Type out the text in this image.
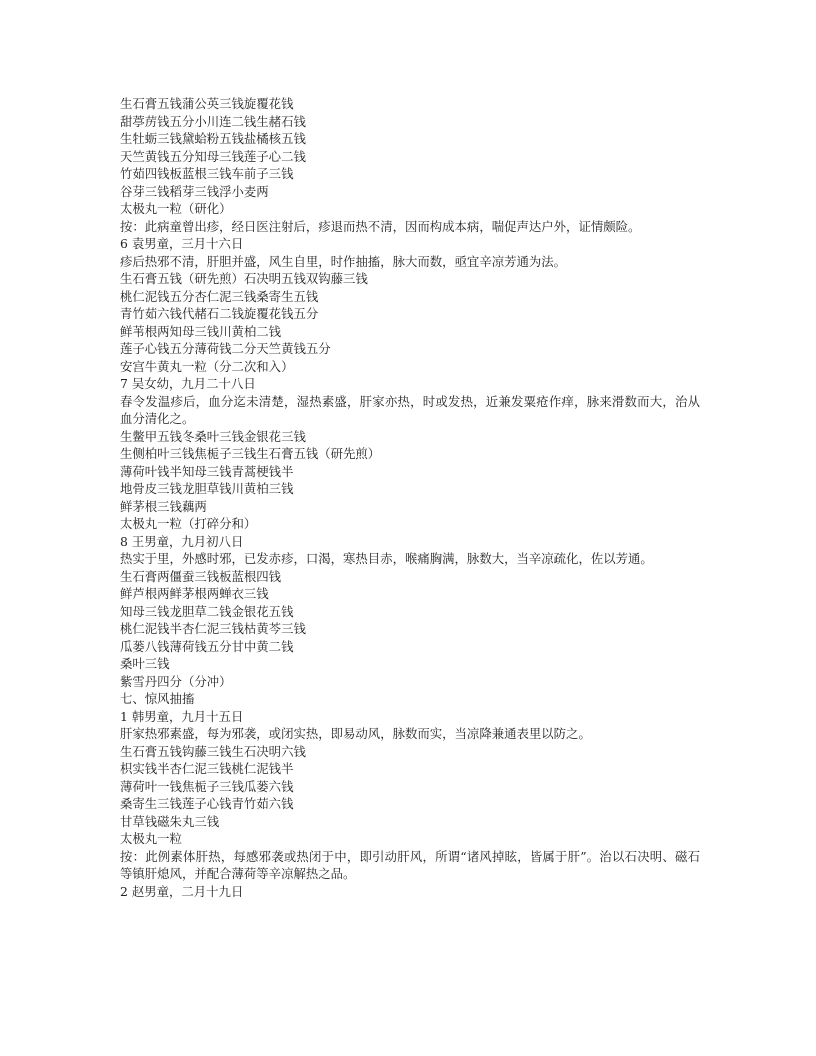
生石膏五钱蒲公英三钱旋覆花钱
甜葶苈钱五分小川连二钱生赭石钱
生牡蛎三钱黛蛤粉五钱盐橘核五钱
天竺黄钱五分知母三钱莲子心二钱
竹茹四钱板蓝根三钱车前子三钱
谷芽三钱稻芽三钱浮小麦两
太极丸一粒（研化）
按：此病童曾出疹，经日医注射后，疹退而热不清，因而构成本病，喘促声达户外，证情颇险。
6 袁男童，三月十六日
疹后热邪不清，肝胆并盛，风生自里，时作抽搐，脉大而数，亟宜辛凉芳通为法。
生石膏五钱（研先煎）石决明五钱双钩藤三钱
桃仁泥钱五分杏仁泥三钱桑寄生五钱
青竹茹六钱代赭石二钱旋覆花钱五分
鲜苇根两知母三钱川黄柏二钱
莲子心钱五分薄荷钱二分天竺黄钱五分
安宫牛黄丸一粒（分二次和入）
7 吴女幼，九月二十八日
春令发温疹后，血分迄未清楚，湿热素盛，肝家亦热，时或发热，近兼发粟疮作痒，脉来滑数而大，治从血分清化之。
生鳖甲五钱冬桑叶三钱金银花三钱
生侧柏叶三钱焦栀子三钱生石膏五钱（研先煎）
薄荷叶钱半知母三钱青蒿梗钱半
地骨皮三钱龙胆草钱川黄柏三钱
鲜茅根三钱藕两
太极丸一粒（打碎分和）
8 王男童，九月初八日
热实于里，外感时邪，已发赤疹，口渴，寒热目赤，喉痛胸满，脉数大，当辛凉疏化，佐以芳通。
生石膏两僵蚕三钱板蓝根四钱
鲜芦根两鲜茅根两蝉衣三钱
知母三钱龙胆草二钱金银花五钱
桃仁泥钱半杏仁泥三钱枯黄芩三钱
瓜蒌八钱薄荷钱五分甘中黄二钱
桑叶三钱
紫雪丹四分（分冲）
七、惊风抽搐
1 韩男童，九月十五日
肝家热邪素盛，每为邪袭，或闭实热，即易动风，脉数而实，当凉降兼通表里以防之。
生石膏五钱钩藤三钱生石决明六钱
枳实钱半杏仁泥三钱桃仁泥钱半
薄荷叶一钱焦栀子三钱瓜蒌六钱
桑寄生三钱莲子心钱青竹茹六钱
甘草钱磁朱丸三钱
太极丸一粒
按：此例素体肝热，每感邪袭或热闭于中，即引动肝风，所谓“诸风掉眩，皆属于肝”。治以石决明、磁石等镇肝熄风，并配合薄荷等辛凉解热之品。
2 赵男童，二月十九日
